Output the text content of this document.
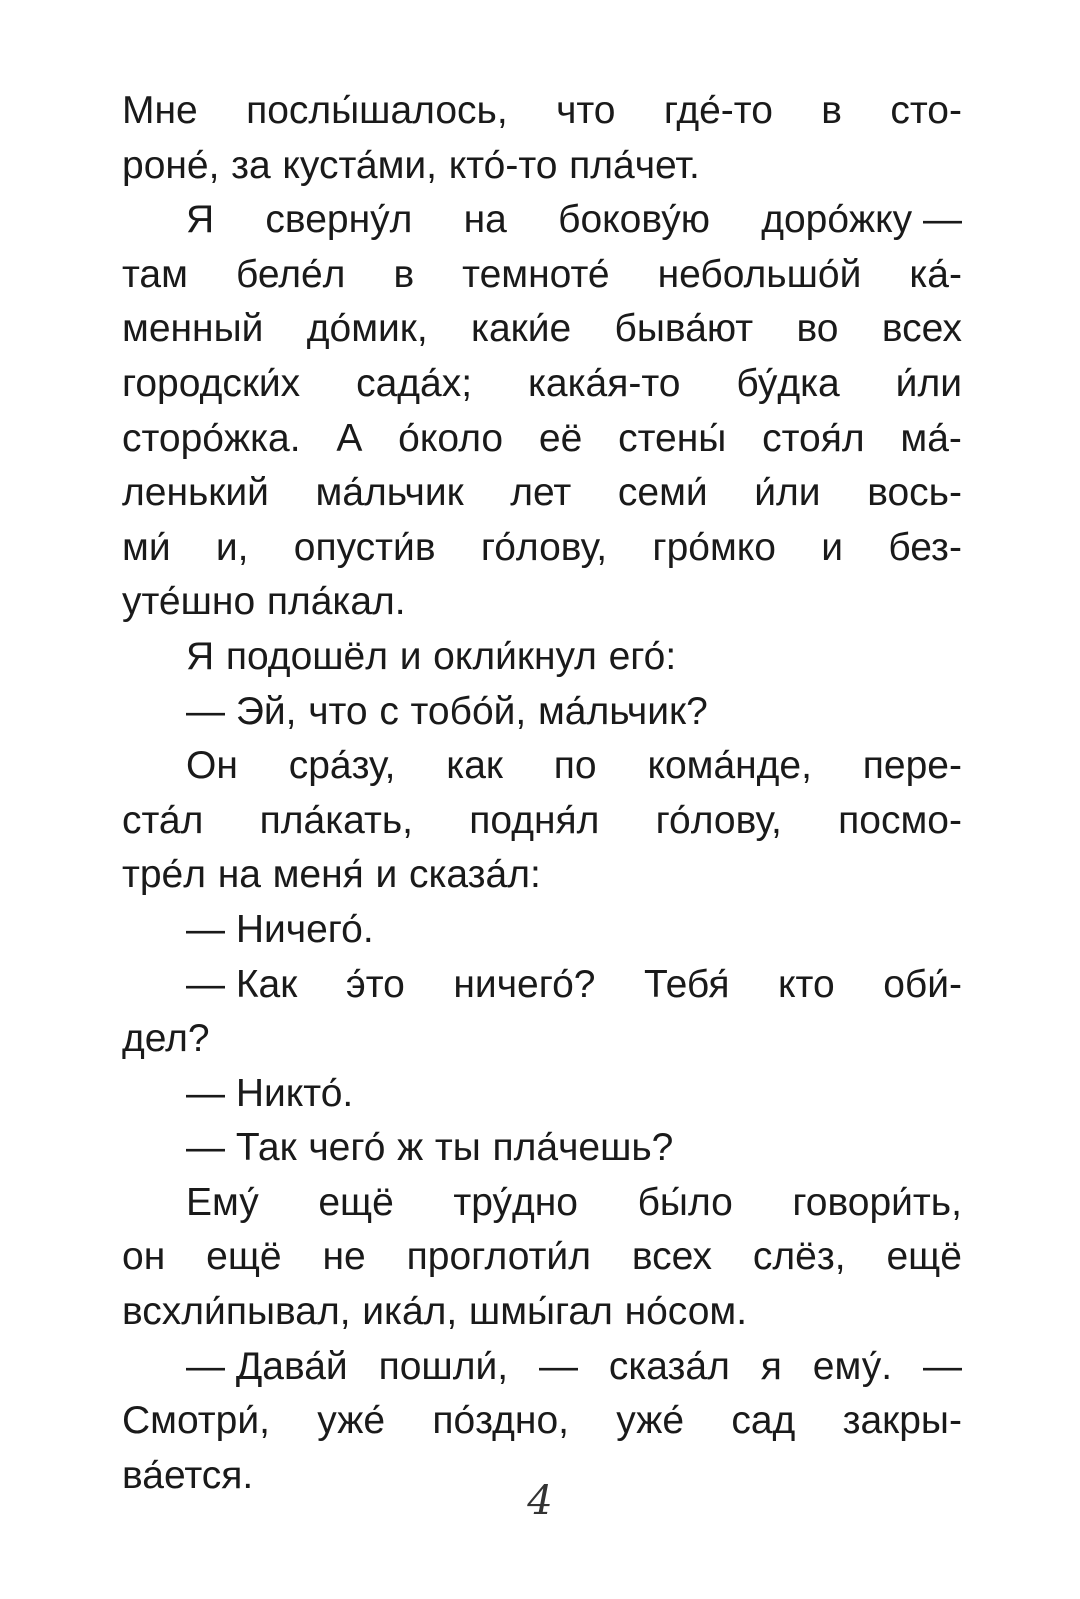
Мне послы́шалось, что где́-то в сто-
роне́, за куста́ми, кто́-то пла́чет.
Я сверну́л на бокову́ю доро́жку —
там беле́л в темноте́ небольшо́й ка́-
менный до́мик, каки́е быва́ют во всех
городски́х сада́х; кака́я-то бу́дка и́ли
сторо́жка. А о́коло её стены́ стоя́л ма́-
ленький ма́льчик лет семи́ и́ли вось-
ми́ и, опусти́в го́лову, гро́мко и без-
уте́шно пла́кал.
Я подошёл и окли́кнул его́:
— Эй, что с тобо́й, ма́льчик?
Он сра́зу, как по кома́нде, пере-
ста́л пла́кать, подня́л го́лову, посмо-
тре́л на меня́ и сказа́л:
— Ничего́.
— Как э́то ничего́? Тебя́ кто оби́-
дел?
— Никто́.
— Так чего́ ж ты пла́чешь?
Ему́ ещё тру́дно бы́ло говори́ть,
он ещё не проглоти́л всех слёз, ещё
всхли́пывал, ика́л, шмы́гал но́сом.
— Дава́й пошли́, — сказа́л я ему́. —
Смотри́, уже́ по́здно, уже́ сад закры-
ва́ется.
4
